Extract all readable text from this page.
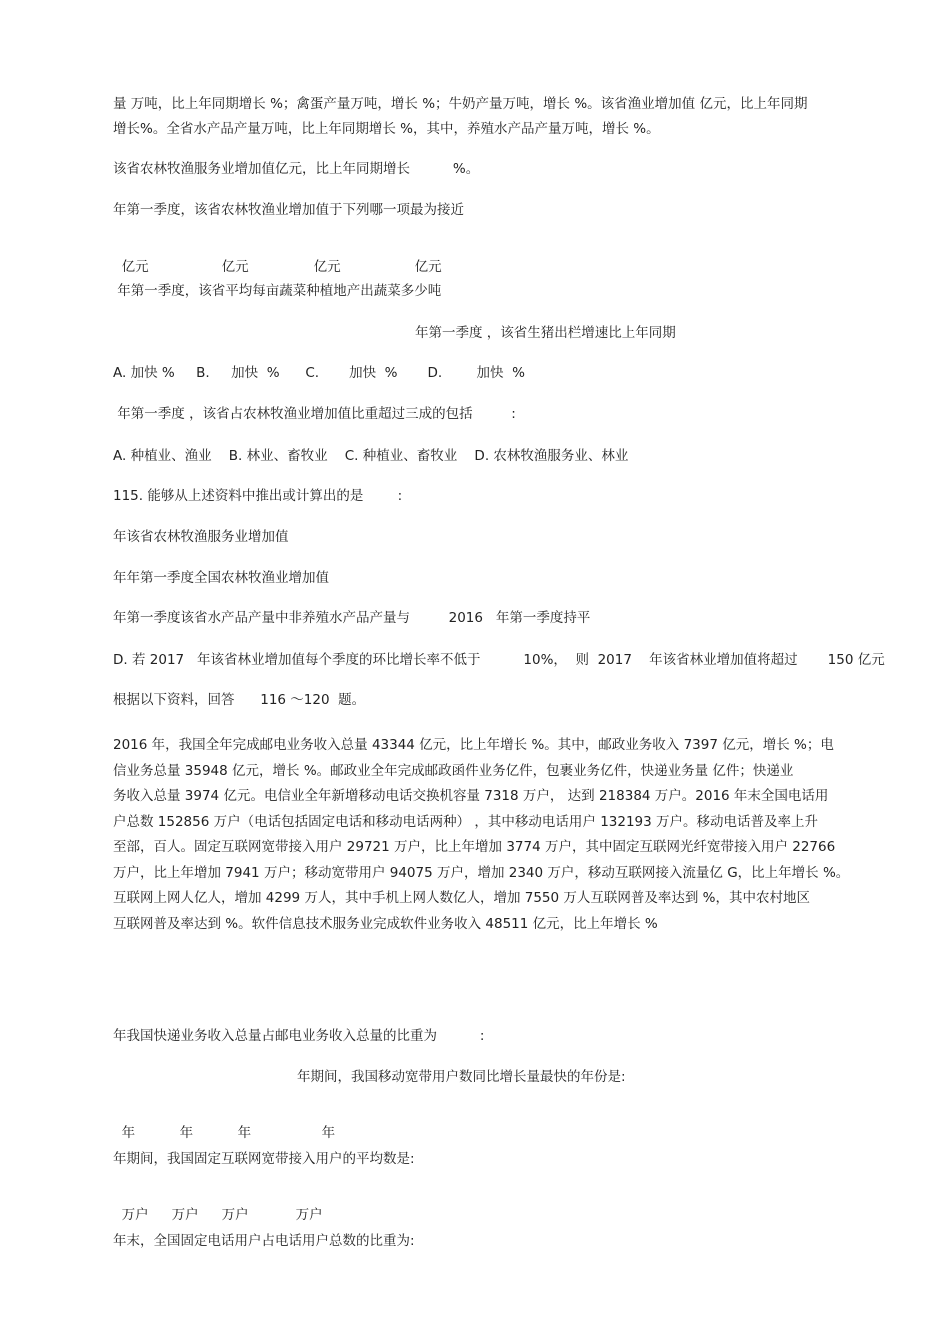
量 万吨，比上年同期增长 %；禽蛋产量万吨，增长 %；牛奶产量万吨，增长 %。该省渔业增加值 亿元，比上年同期
增长%。全省水产品产量万吨，比上年同期增长 %，其中，养殖水产品产量万吨，增长 %。
该省农林牧渔服务业增加值亿元，比上年同期增长          %。
年第一季度，该省农林牧渔业增加值于下列哪一项最为接近

亿元	亿元	亿元	亿元

年第一季度，该省平均每亩蔬菜种植地产出蔬菜多少吨
年第一季度 ，该省生猪出栏增速比上年同期
A. 加快 %     B.     加快  %      C.       加快  %       D.        加快  %
年第一季度 ，该省占农林牧渔业增加值比重超过三成的包括         :
A. 种植业、渔业    B. 林业、畜牧业    C. 种植业、畜牧业    D. 农林牧渔服务业、林业
115. 能够从上述资料中推出或计算出的是        :
年该省农林牧渔服务业增加值
年年第一季度全国农林牧渔业增加值
年第一季度该省水产品产量中非养殖水产品产量与         2016   年第一季度持平
D. 若 2017   年该省林业增加值每个季度的环比增长率不低于          10%，  则  2017    年该省林业增加值将超过       150 亿元
根据以下资料，回答      116 ～120  题。
2016 年，我国全年完成邮电业务收入总量 43344 亿元，比上年增长 %。其中，邮政业务收入 7397 亿元，增长 %；电
信业务总量 35948 亿元，增长 %。邮政业全年完成邮政函件业务亿件，包裹业务亿件，快递业务量 亿件；快递业
务收入总量 3974 亿元。电信业全年新增移动电话交换机容量 7318 万户， 达到 218384 万户。2016 年末全国电话用
户总数 152856 万户（电话包括固定电话和移动电话两种） ，其中移动电话用户 132193 万户。移动电话普及率上升
至部，百人。固定互联网宽带接入用户 29721 万户，比上年增加 3774 万户，其中固定互联网光纤宽带接入用户 22766
万户，比上年增加 7941 万户；移动宽带用户 94075 万户，增加 2340 万户，移动互联网接入流量亿 G，比上年增长 %。
互联网上网人亿人，增加 4299 万人，其中手机上网人数亿人，增加 7550 万人互联网普及率达到 %，其中农村地区
互联网普及率达到 %。软件信息技术服务业完成软件业务收入 48511 亿元，比上年增长 %
年我国快递业务收入总量占邮电业务收入总量的比重为          :
年期间，我国移动宽带用户数同比增长量最快的年份是:

年	年	年	年

年期间，我国固定互联网宽带接入用户的平均数是:

万户 万户 万户	万户

年末，全国固定电话用户占电话用户总数的比重为:
